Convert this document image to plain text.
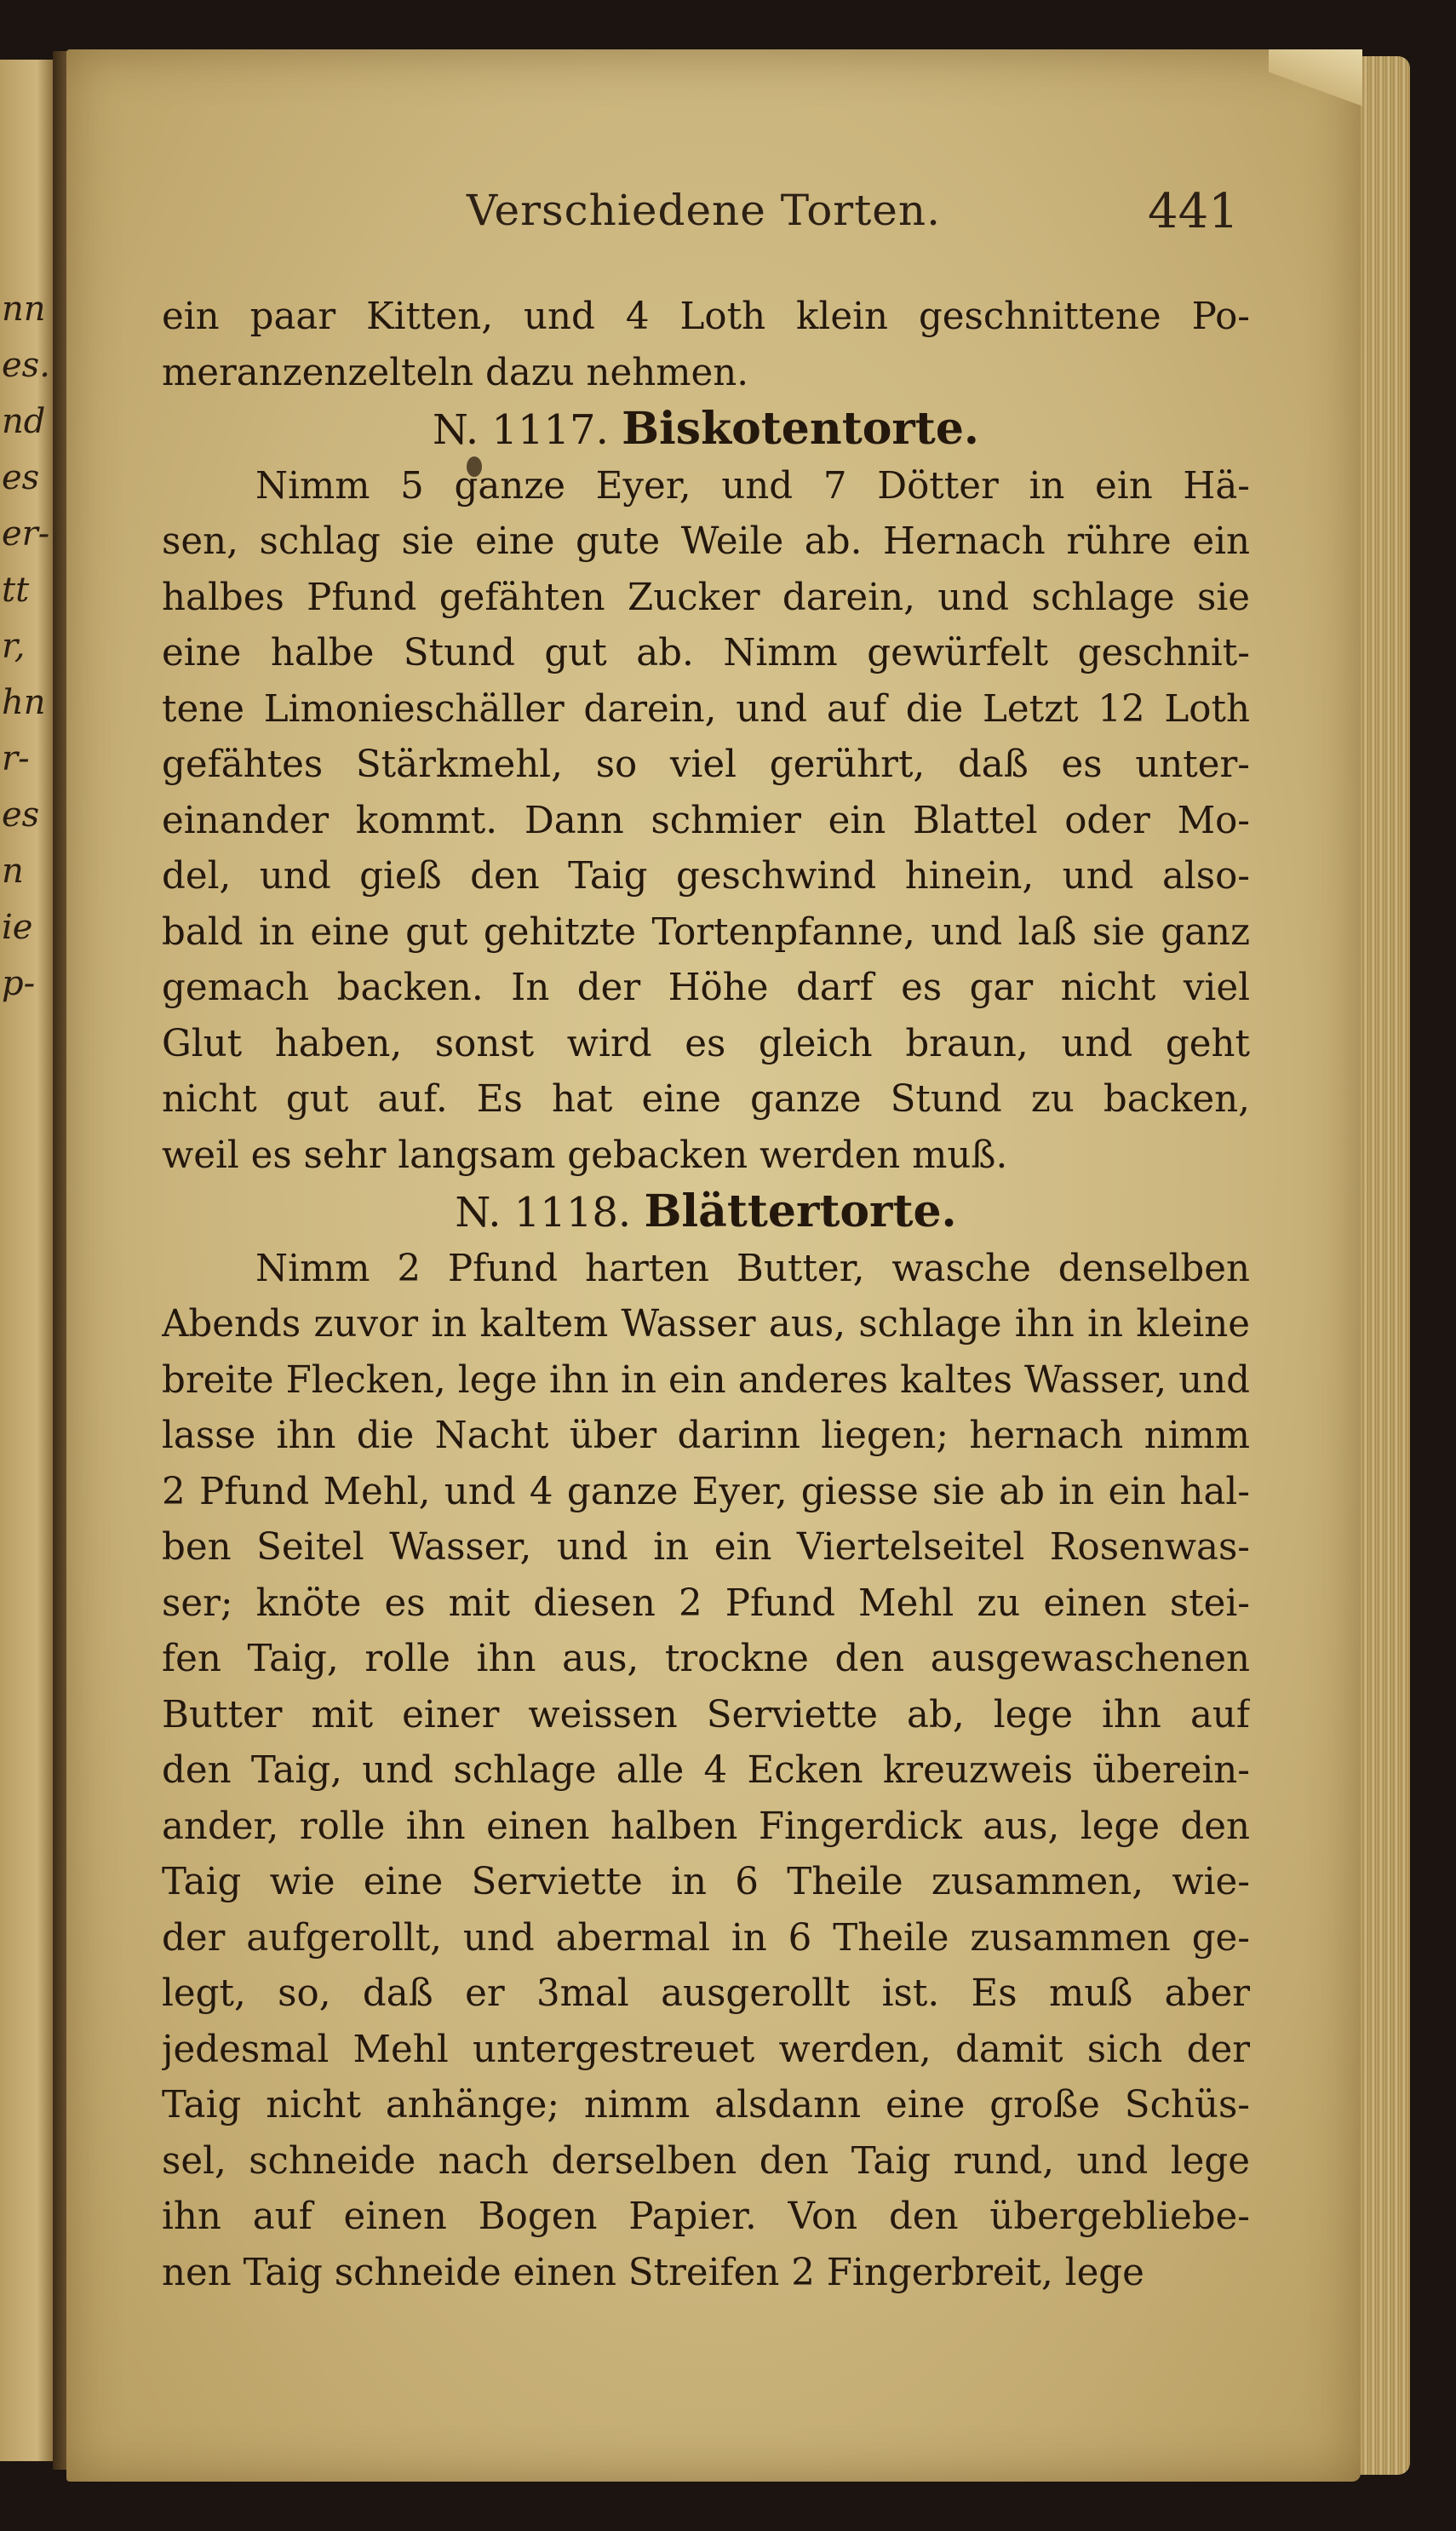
nn
es.
nd
es
er-
tt
r,
hn
r-
es
n
ie
p-
Verschiedene Torten.	441
ein paar Kitten, und 4 Loth klein geschnittene Po-
meranzenzelteln dazu nehmen.
N. 1117. Biskotentorte.
Nimm 5 ganze Eyer, und 7 Dötter in ein Hä-
sen, schlag sie eine gute Weile ab. Hernach rühre ein
halbes Pfund gefähten Zucker darein, und schlage sie
eine halbe Stund gut ab. Nimm gewürfelt geschnit-
tene Limonieschäller darein, und auf die Letzt 12 Loth
gefähtes Stärkmehl, so viel gerührt, daß es unter-
einander kommt. Dann schmier ein Blattel oder Mo-
del, und gieß den Taig geschwind hinein, und also-
bald in eine gut gehitzte Tortenpfanne, und laß sie ganz
gemach backen. In der Höhe darf es gar nicht viel
Glut haben, sonst wird es gleich braun, und geht
nicht gut auf. Es hat eine ganze Stund zu backen,
weil es sehr langsam gebacken werden muß.
N. 1118. Blättertorte.
Nimm 2 Pfund harten Butter, wasche denselben
Abends zuvor in kaltem Wasser aus, schlage ihn in kleine
breite Flecken, lege ihn in ein anderes kaltes Wasser, und
lasse ihn die Nacht über darinn liegen; hernach nimm
2 Pfund Mehl, und 4 ganze Eyer, giesse sie ab in ein hal-
ben Seitel Wasser, und in ein Viertelseitel Rosenwas-
ser; knöte es mit diesen 2 Pfund Mehl zu einen stei-
fen Taig, rolle ihn aus, trockne den ausgewaschenen
Butter mit einer weissen Serviette ab, lege ihn auf
den Taig, und schlage alle 4 Ecken kreuzweis überein-
ander, rolle ihn einen halben Fingerdick aus, lege den
Taig wie eine Serviette in 6 Theile zusammen, wie-
der aufgerollt, und abermal in 6 Theile zusammen ge-
legt, so, daß er 3mal ausgerollt ist. Es muß aber
jedesmal Mehl untergestreuet werden, damit sich der
Taig nicht anhänge; nimm alsdann eine große Schüs-
sel, schneide nach derselben den Taig rund, und lege
ihn auf einen Bogen Papier. Von den übergebliebe-
nen Taig schneide einen Streifen 2 Fingerbreit, lege
